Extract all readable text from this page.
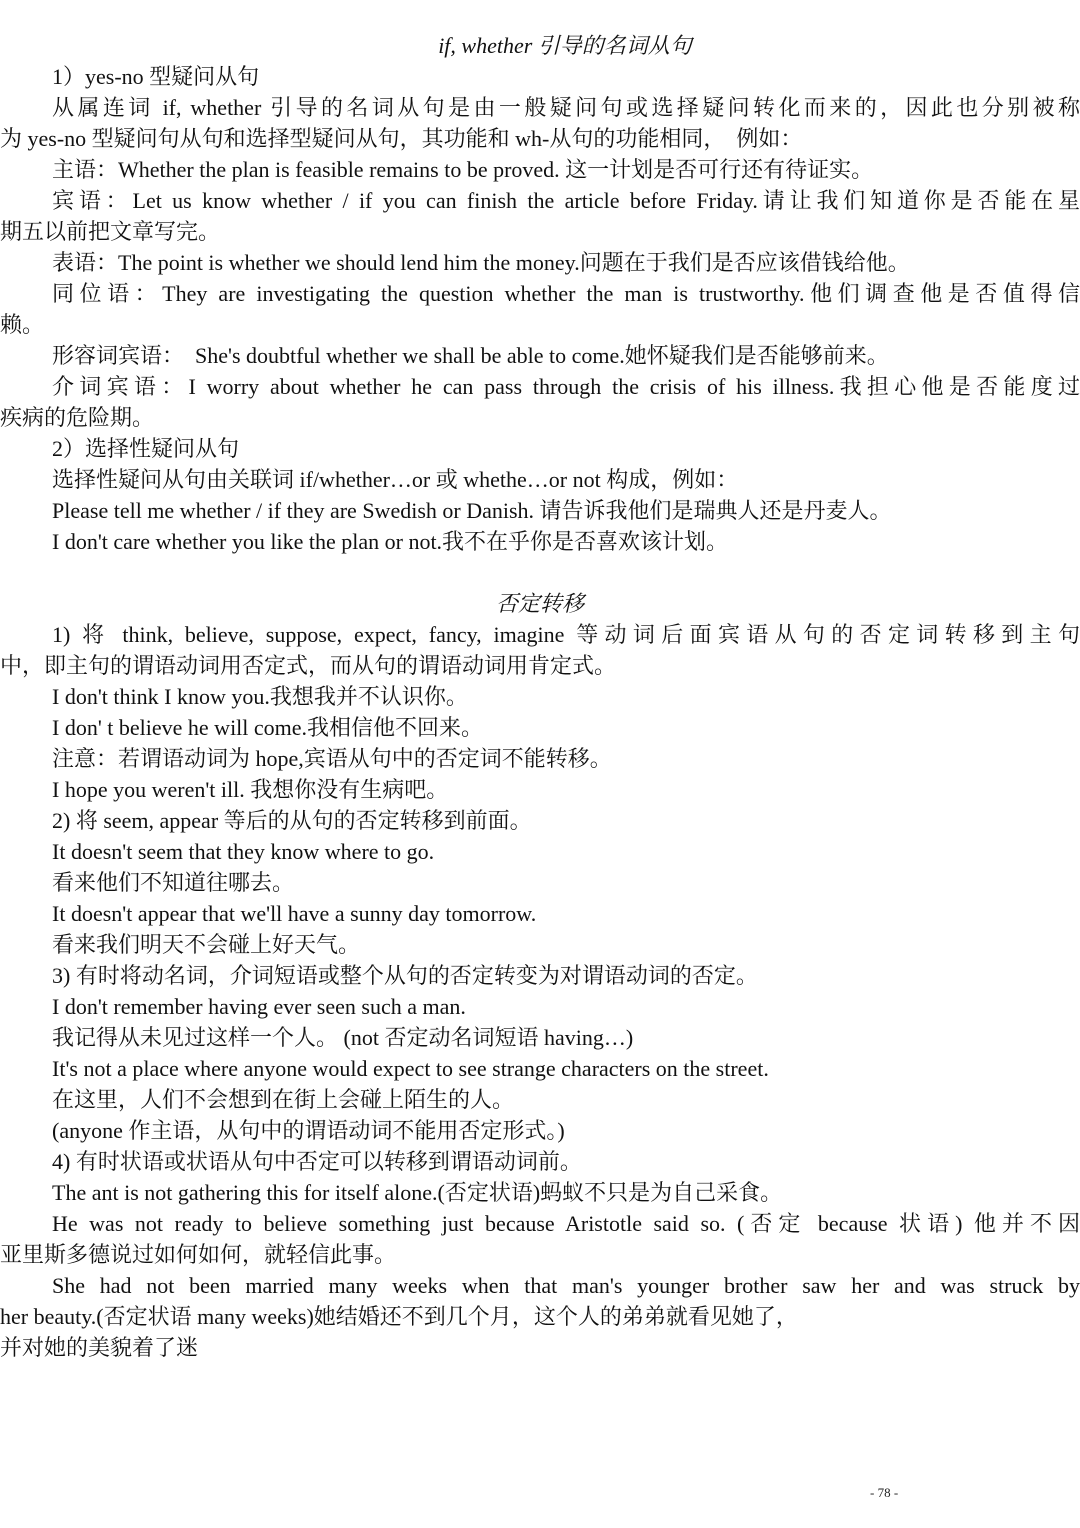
if, whether 引导的名词从句
1）yes-no 型疑问从句
从属连词 if, whether 引导的名词从句是由一般疑问句或选择疑问转化而来的，因此也分别被称
为 yes-no 型疑问句从句和选择型疑问从句，其功能和 wh-从句的功能相同，　例如：
主语：Whether the plan is feasible remains to be proved. 这一计划是否可行还有待证实。
宾语：Let us know whether / if you can finish the article before Friday.请让我们知道你是否能在星
期五以前把文章写完。
表语：The point is whether we should lend him the money.问题在于我们是否应该借钱给他。
同位语：They are investigating the question whether the man is trustworthy.他们调查他是否值得信
赖。
形容词宾语：　She's doubtful whether we shall be able to come.她怀疑我们是否能够前来。
介词宾语：I worry about whether he can pass through the crisis of his illness.我担心他是否能度过
疾病的危险期。
2）选择性疑问从句
选择性疑问从句由关联词 if/whether…or 或 whethe…or not 构成，例如：
Please tell me whether / if they are Swedish or Danish. 请告诉我他们是瑞典人还是丹麦人。
I don't care whether you like the plan or not.我不在乎你是否喜欢该计划。
否定转移
1) 将 think, believe, suppose, expect, fancy, imagine 等动词后面宾语从句的否定词转移到主句
中，即主句的谓语动词用否定式，而从句的谓语动词用肯定式。
I don't think I know you.我想我并不认识你。
I don' t believe he will come.我相信他不回来。
注意：若谓语动词为 hope,宾语从句中的否定词不能转移。
I hope you weren't ill. 我想你没有生病吧。
2) 将 seem, appear 等后的从句的否定转移到前面。
It doesn't seem that they know where to go.
看来他们不知道往哪去。
It doesn't appear that we'll have a sunny day tomorrow.
看来我们明天不会碰上好天气。
3) 有时将动名词，介词短语或整个从句的否定转变为对谓语动词的否定。
I don't remember having ever seen such a man.
我记得从未见过这样一个人。 (not 否定动名词短语 having…)
It's not a place where anyone would expect to see strange characters on the street.
在这里，人们不会想到在街上会碰上陌生的人。
(anyone 作主语，从句中的谓语动词不能用否定形式。)
4) 有时状语或状语从句中否定可以转移到谓语动词前。
The ant is not gathering this for itself alone.(否定状语)蚂蚁不只是为自己采食。
He was not ready to believe something just because Aristotle said so. (否定 because 状语) 他并不因
亚里斯多德说过如何如何，就轻信此事。
She had not been married many weeks when that man's younger brother saw her and was struck by
her beauty.(否定状语 many weeks)她结婚还不到几个月，这个人的弟弟就看见她了，
并对她的美貌着了迷
- 78 -
